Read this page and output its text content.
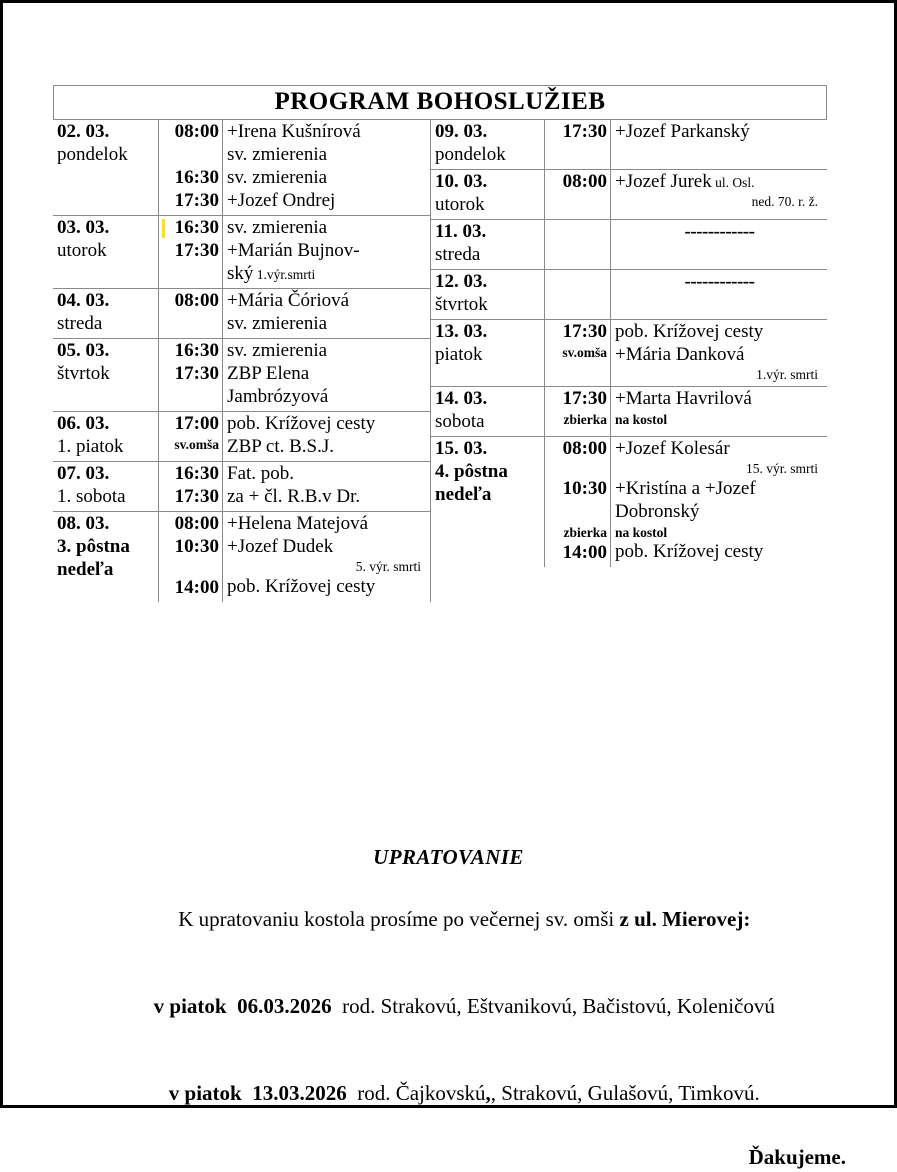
PROGRAM BOHOSLUŽIEB
02. 03.
pondelok
08:00

16:30
17:30
+Irena Kušnírová
sv. zmierenia
sv. zmierenia
+Jozef Ondrej
03. 03.
utorok
16:30
17:30

sv. zmierenia
+Marián Bujnov-
ský 1.výr.smrti
04. 03.
streda
08:00
+Mária Čóriová
sv. zmierenia
05. 03.
štvrtok
16:30
17:30

sv. zmierenia
ZBP Elena
Jambrózyová
06. 03.
1. piatok
17:00
sv.omša
pob. Krížovej cesty
ZBP ct. B.S.J.
07. 03.
1. sobota
16:30
17:30
Fat. pob.
za + čl. R.B.v Dr.
08. 03.
3. pôstna
nedeľa
08:00
10:30

14:00
+Helena Matejová
+Jozef Dudek
5. výr. smrti
pob. Krížovej cesty
09. 03.
pondelok
17:30 +Jozef Parkanský
10. 03.
utorok
08:00
+Jozef Jurek ul. Osl.
ned. 70. r. ž.
11. 03.
streda

------------
12. 03.
štvrtok

------------
13. 03.
piatok
17:30
sv.omša

pob. Krížovej cesty
+Mária Danková
1.výr. smrti
14. 03.
sobota
17:30
zbierka
+Marta Havrilová
na kostol
15. 03.
4. pôstna
nedeľa
08:00

10:30

zbierka
14:00
+Jozef Kolesár
15. výr. smrti
+Kristína a +Jozef
Dobronský
na kostol
pob. Krížovej cesty
UPRATOVANIE

K upratovaniu kostola prosíme po večernej sv. omši z ul. Mierovej:

v piatok  06.03.2026  rod. Strakovú, Eštvanikovú, Bačistovú, Koleničovú

v piatok  13.03.2026  rod. Čajkovskú,, Strakovú, Gulašovú, Timkovú.

Ďakujeme.
